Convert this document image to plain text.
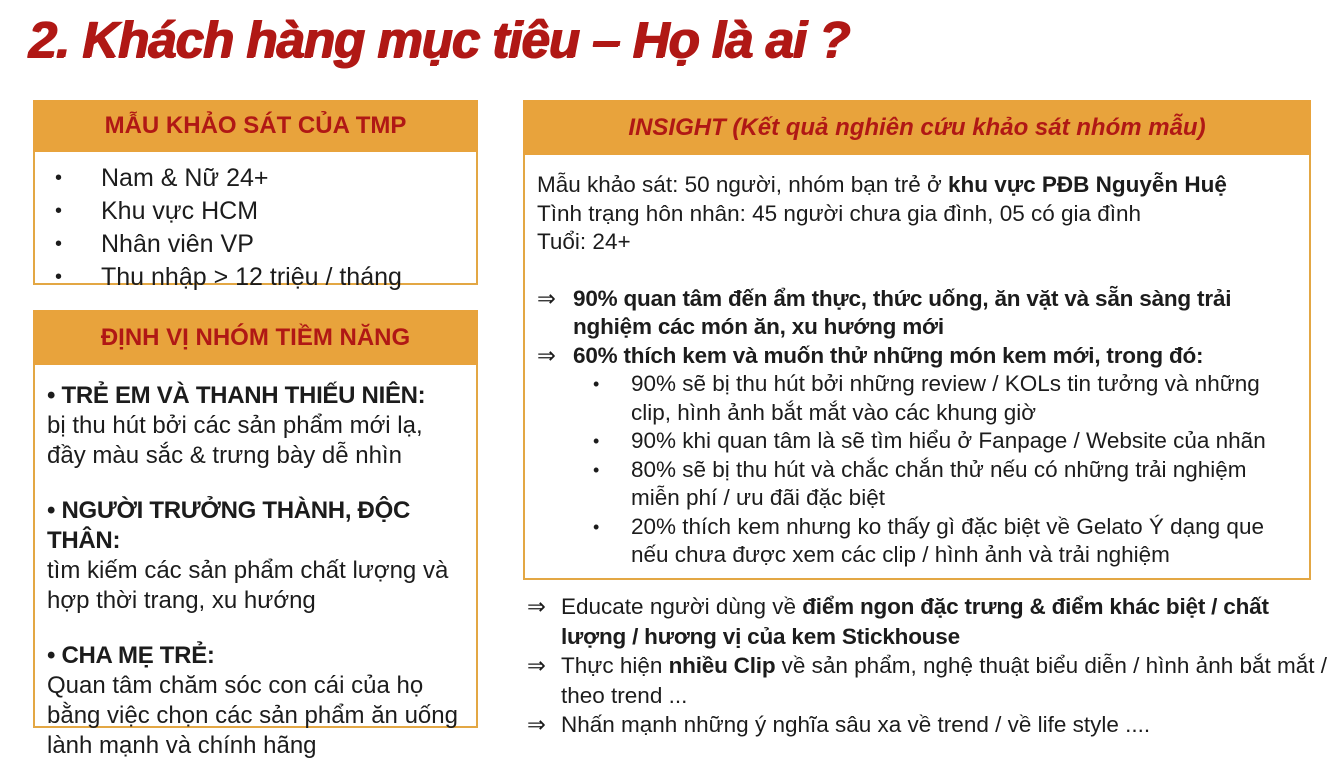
2. Khách hàng mục tiêu – Họ là ai ?
MẪU KHẢO SÁT CỦA TMP
•	Nam & Nữ 24+
•	Khu vực HCM
•	Nhân viên VP
•	Thu nhập > 12 triệu / tháng
ĐỊNH VỊ NHÓM TIỀM NĂNG
• TRẺ EM VÀ THANH THIẾU NIÊN:
bị thu hút bởi các sản phẩm mới lạ, đầy màu sắc & trưng bày dễ nhìn
• NGƯỜI TRƯỞNG THÀNH, ĐỘC THÂN:
tìm kiếm các sản phẩm chất lượng và hợp thời trang, xu hướng
• CHA MẸ TRẺ:
Quan tâm chăm sóc con cái của họ bằng việc chọn các sản phẩm ăn uống lành mạnh và chính hãng
INSIGHT (Kết quả nghiên cứu khảo sát nhóm mẫu)
Mẫu khảo sát: 50 người, nhóm bạn trẻ ở khu vực PĐB Nguyễn Huệ
Tình trạng hôn nhân: 45 người chưa gia đình, 05 có gia đình
Tuổi: 24+
⇒ 90% quan tâm đến ẩm thực, thức uống, ăn vặt và sẵn sàng trải nghiệm các món ăn, xu hướng mới
⇒ 60% thích kem và muốn thử những món kem mới, trong đó:
•	90% sẽ bị thu hút bởi những review / KOLs tin tưởng và những clip, hình ảnh bắt mắt vào các khung giờ
•	90% khi quan tâm là sẽ tìm hiểu ở Fanpage / Website của nhãn
•	80% sẽ bị thu hút và chắc chắn thử nếu có những trải nghiệm miễn phí / ưu đãi đặc biệt
•	20% thích kem nhưng ko thấy gì đặc biệt về Gelato Ý dạng que nếu chưa được xem các clip / hình ảnh và trải nghiệm
⇒ Educate người dùng về điểm ngon đặc trưng & điểm khác biệt / chất lượng / hương vị của kem Stickhouse
⇒ Thực hiện nhiều Clip về sản phẩm, nghệ thuật biểu diễn / hình ảnh bắt mắt / theo trend ...
⇒ Nhấn mạnh những ý nghĩa sâu xa về trend / về life style ....
